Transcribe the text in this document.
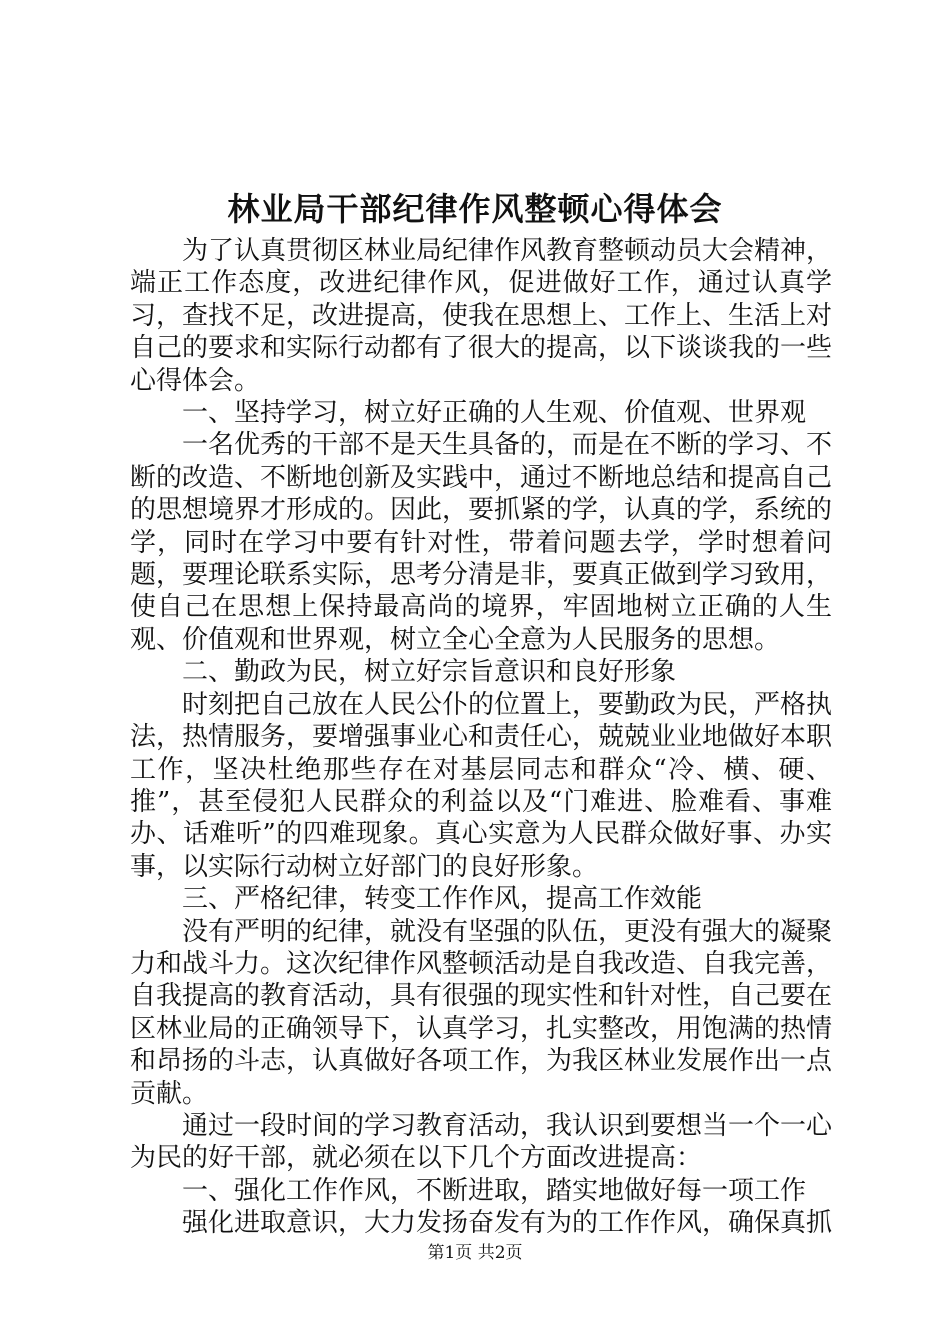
林业局干部纪律作风整顿心得体会

为了认真贯彻区林业局纪律作风教育整顿动员大会精神，端正工作态度，改进纪律作风，促进做好工作，通过认真学习，查找不足，改进提高，使我在思想上、工作上、生活上对自己的要求和实际行动都有了很大的提高，以下谈谈我的一些心得体会。

一、坚持学习，树立好正确的人生观、价值观、世界观

一名优秀的干部不是天生具备的，而是在不断的学习、不断的改造、不断地创新及实践中，通过不断地总结和提高自己的思想境界才形成的。因此，要抓紧的学，认真的学，系统的学，同时在学习中要有针对性，带着问题去学，学时想着问题，要理论联系实际，思考分清是非，要真正做到学习致用，使自己在思想上保持最高尚的境界，牢固地树立正确的人生观、价值观和世界观，树立全心全意为人民服务的思想。

二、勤政为民，树立好宗旨意识和良好形象

时刻把自己放在人民公仆的位置上，要勤政为民，严格执法，热情服务，要增强事业心和责任心，兢兢业业地做好本职工作，坚决杜绝那些存在对基层同志和群众“冷、横、硬、推”，甚至侵犯人民群众的利益以及“门难进、脸难看、事难办、话难听”的四难现象。真心实意为人民群众做好事、办实事，以实际行动树立好部门的良好形象。

三、严格纪律，转变工作作风，提高工作效能

没有严明的纪律，就没有坚强的队伍，更没有强大的凝聚力和战斗力。这次纪律作风整顿活动是自我改造、自我完善，自我提高的教育活动，具有很强的现实性和针对性，自己要在区林业局的正确领导下，认真学习，扎实整改，用饱满的热情和昂扬的斗志，认真做好各项工作，为我区林业发展作出一点贡献。

通过一段时间的学习教育活动，我认识到要想当一个一心为民的好干部，就必须在以下几个方面改进提高：

一、强化工作作风，不断进取，踏实地做好每一项工作

强化进取意识，大力发扬奋发有为的工作作风，确保真抓

第1页 共2页
